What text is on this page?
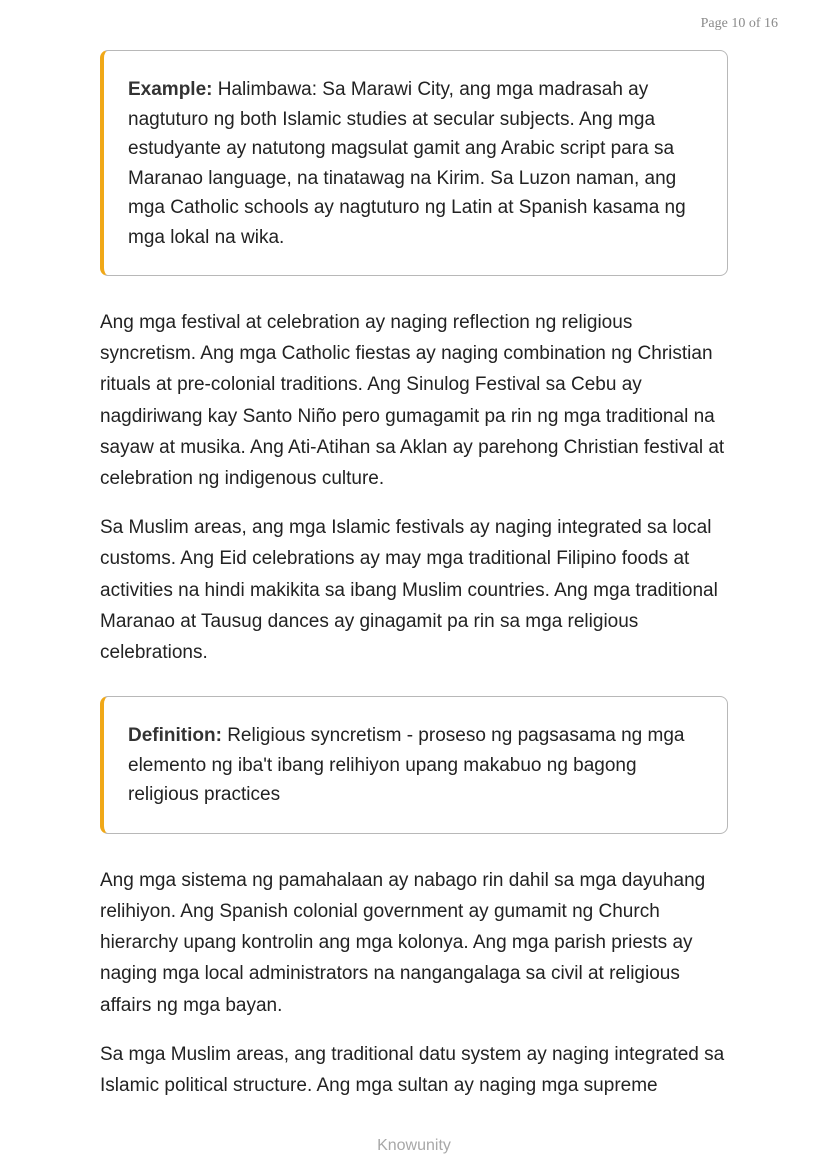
Page 10 of 16
Example: Halimbawa: Sa Marawi City, ang mga madrasah ay nagtuturo ng both Islamic studies at secular subjects. Ang mga estudyante ay natutong magsulat gamit ang Arabic script para sa Maranao language, na tinatawag na Kirim. Sa Luzon naman, ang mga Catholic schools ay nagtuturo ng Latin at Spanish kasama ng mga lokal na wika.

Ang mga festival at celebration ay naging reflection ng religious syncretism. Ang mga Catholic fiestas ay naging combination ng Christian rituals at pre-colonial traditions. Ang Sinulog Festival sa Cebu ay nagdiriwang kay Santo Niño pero gumagamit pa rin ng mga traditional na sayaw at musika. Ang Ati-Atihan sa Aklan ay parehong Christian festival at celebration ng indigenous culture.

Sa Muslim areas, ang mga Islamic festivals ay naging integrated sa local customs. Ang Eid celebrations ay may mga traditional Filipino foods at activities na hindi makikita sa ibang Muslim countries. Ang mga traditional Maranao at Tausug dances ay ginagamit pa rin sa mga religious celebrations.

Definition: Religious syncretism - proseso ng pagsasama ng mga elemento ng iba't ibang relihiyon upang makabuo ng bagong religious practices

Ang mga sistema ng pamahalaan ay nabago rin dahil sa mga dayuhang relihiyon. Ang Spanish colonial government ay gumamit ng Church hierarchy upang kontrolin ang mga kolonya. Ang mga parish priests ay naging mga local administrators na nangangalaga sa civil at religious affairs ng mga bayan.

Sa mga Muslim areas, ang traditional datu system ay naging integrated sa Islamic political structure. Ang mga sultan ay naging mga supreme

Knowunity
